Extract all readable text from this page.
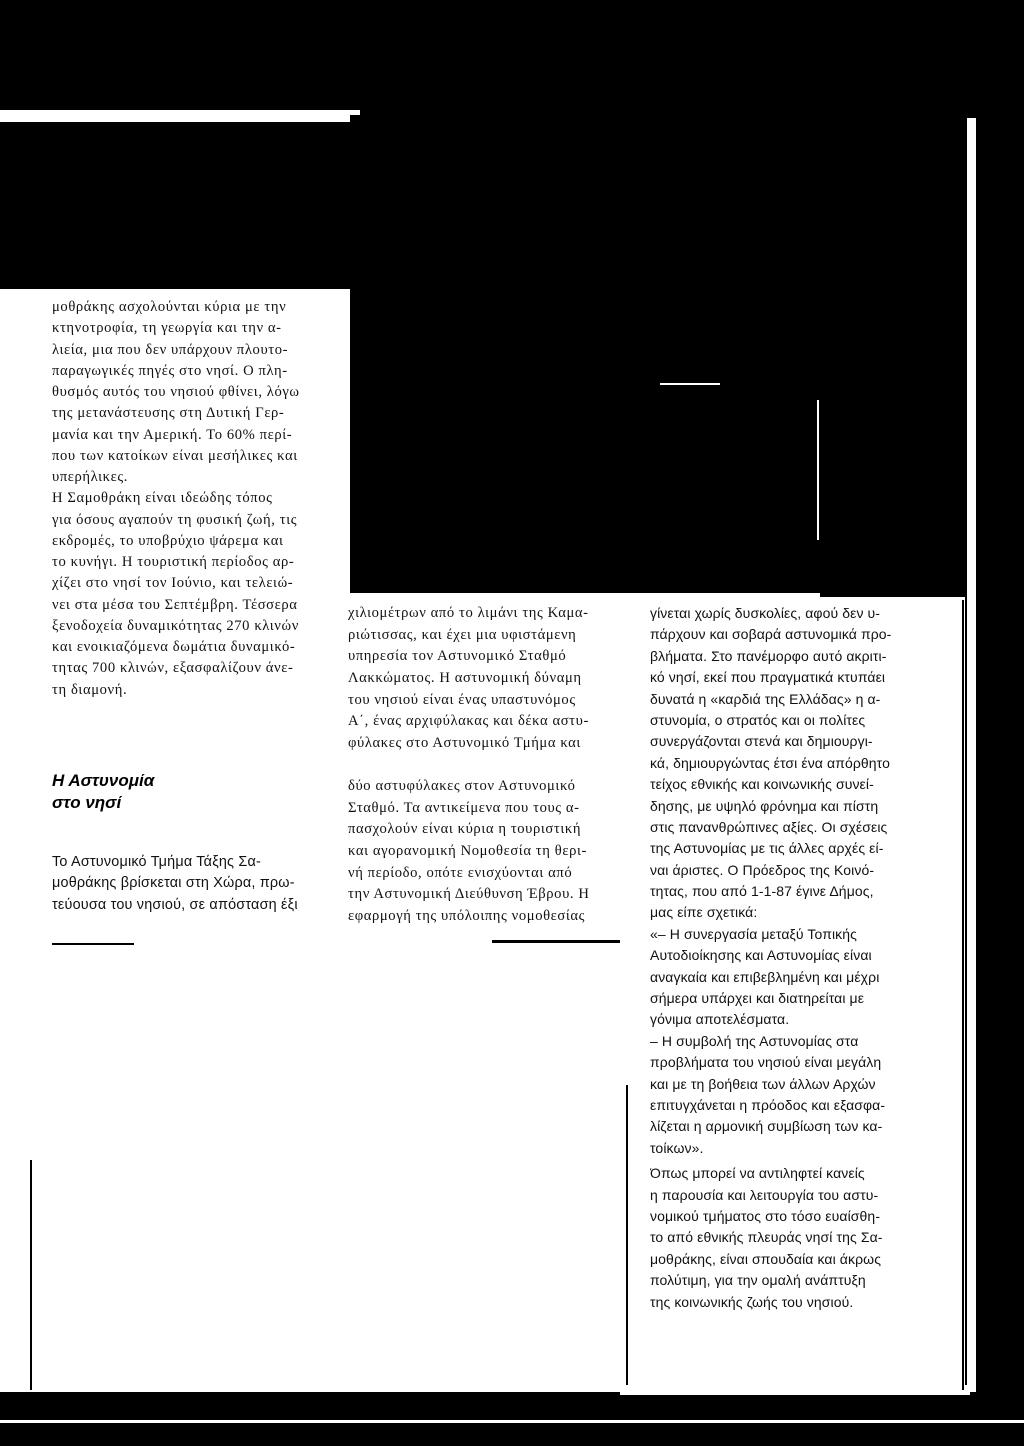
μοθράκης ασχολούνται κύρια με την
κτηνοτροφία, τη γεωργία και την α-
λιεία, μια που δεν υπάρχουν πλουτο-
παραγωγικές πηγές στο νησί. Ο πλη-
θυσμός αυτός του νησιού φθίνει, λόγω
της μετανάστευσης στη Δυτική Γερ-
μανία και την Αμερική. Το 60% περί-
που των κατοίκων είναι μεσήλικες και
υπερήλικες.
Η Σαμοθράκη είναι ιδεώδης τόπος
για όσους αγαπούν τη φυσική ζωή, τις
εκδρομές, το υποβρύχιο ψάρεμα και
το κυνήγι. Η τουριστική περίοδος αρ-
χίζει στο νησί τον Ιούνιο, και τελειώ-
νει στα μέσα του Σεπτέμβρη. Τέσσερα
ξενοδοχεία δυναμικότητας 270 κλινών
και ενοικιαζόμενα δωμάτια δυναμικό-
τητας 700 κλινών, εξασφαλίζουν άνε-
τη διαμονή.
Η Αστυνομία
στο νησί
Το Αστυνομικό Τμήμα Τάξης Σα-
μοθράκης βρίσκεται στη Χώρα, πρω-
τεύουσα του νησιού, σε απόσταση έξι
χιλιομέτρων από το λιμάνι της Καμα-
ριώτισσας, και έχει μια υφιστάμενη
υπηρεσία τον Αστυνομικό Σταθμό
Λακκώματος. Η αστυνομική δύναμη
του νησιού είναι ένας υπαστυνόμος
Α΄, ένας αρχιφύλακας και δέκα αστυ-
φύλακες στο Αστυνομικό Τμήμα και
δύο αστυφύλακες στον Αστυνομικό
Σταθμό. Τα αντικείμενα που τους α-
πασχολούν είναι κύρια η τουριστική
και αγορανομική Νομοθεσία τη θερι-
νή περίοδο, οπότε ενισχύονται από
την Αστυνομική Διεύθυνση Έβρου. Η
εφαρμογή της υπόλοιπης νομοθεσίας
γίνεται χωρίς δυσκολίες, αφού δεν υ-
πάρχουν και σοβαρά αστυνομικά προ-
βλήματα. Στο πανέμορφο αυτό ακριτι-
κό νησί, εκεί που πραγματικά κτυπάει
δυνατά η «καρδιά της Ελλάδας» η α-
στυνομία, ο στρατός και οι πολίτες
συνεργάζονται στενά και δημιουργι-
κά, δημιουργώντας έτσι ένα απόρθητο
τείχος εθνικής και κοινωνικής συνεί-
δησης, με υψηλό φρόνημα και πίστη
στις πανανθρώπινες αξίες. Οι σχέσεις
της Αστυνομίας με τις άλλες αρχές εί-
ναι άριστες. Ο Πρόεδρος της Κοινό-
τητας, που από 1-1-87 έγινε Δήμος,
μας είπε σχετικά:
«– Η συνεργασία μεταξύ Τοπικής
Αυτοδιοίκησης και Αστυνομίας είναι
αναγκαία και επιβεβλημένη και μέχρι
σήμερα υπάρχει και διατηρείται με
γόνιμα αποτελέσματα.
– Η συμβολή της Αστυνομίας στα
προβλήματα του νησιού είναι μεγάλη
και με τη βοήθεια των άλλων Αρχών
επιτυγχάνεται η πρόοδος και εξασφα-
λίζεται η αρμονική συμβίωση των κα-
τοίκων».
Όπως μπορεί να αντιληφτεί κανείς
η παρουσία και λειτουργία του αστυ-
νομικού τμήματος στο τόσο ευαίσθη-
το από εθνικής πλευράς νησί της Σα-
μοθράκης, είναι σπουδαία και άκρως
πολύτιμη, για την ομαλή ανάπτυξη
της κοινωνικής ζωής του νησιού.
